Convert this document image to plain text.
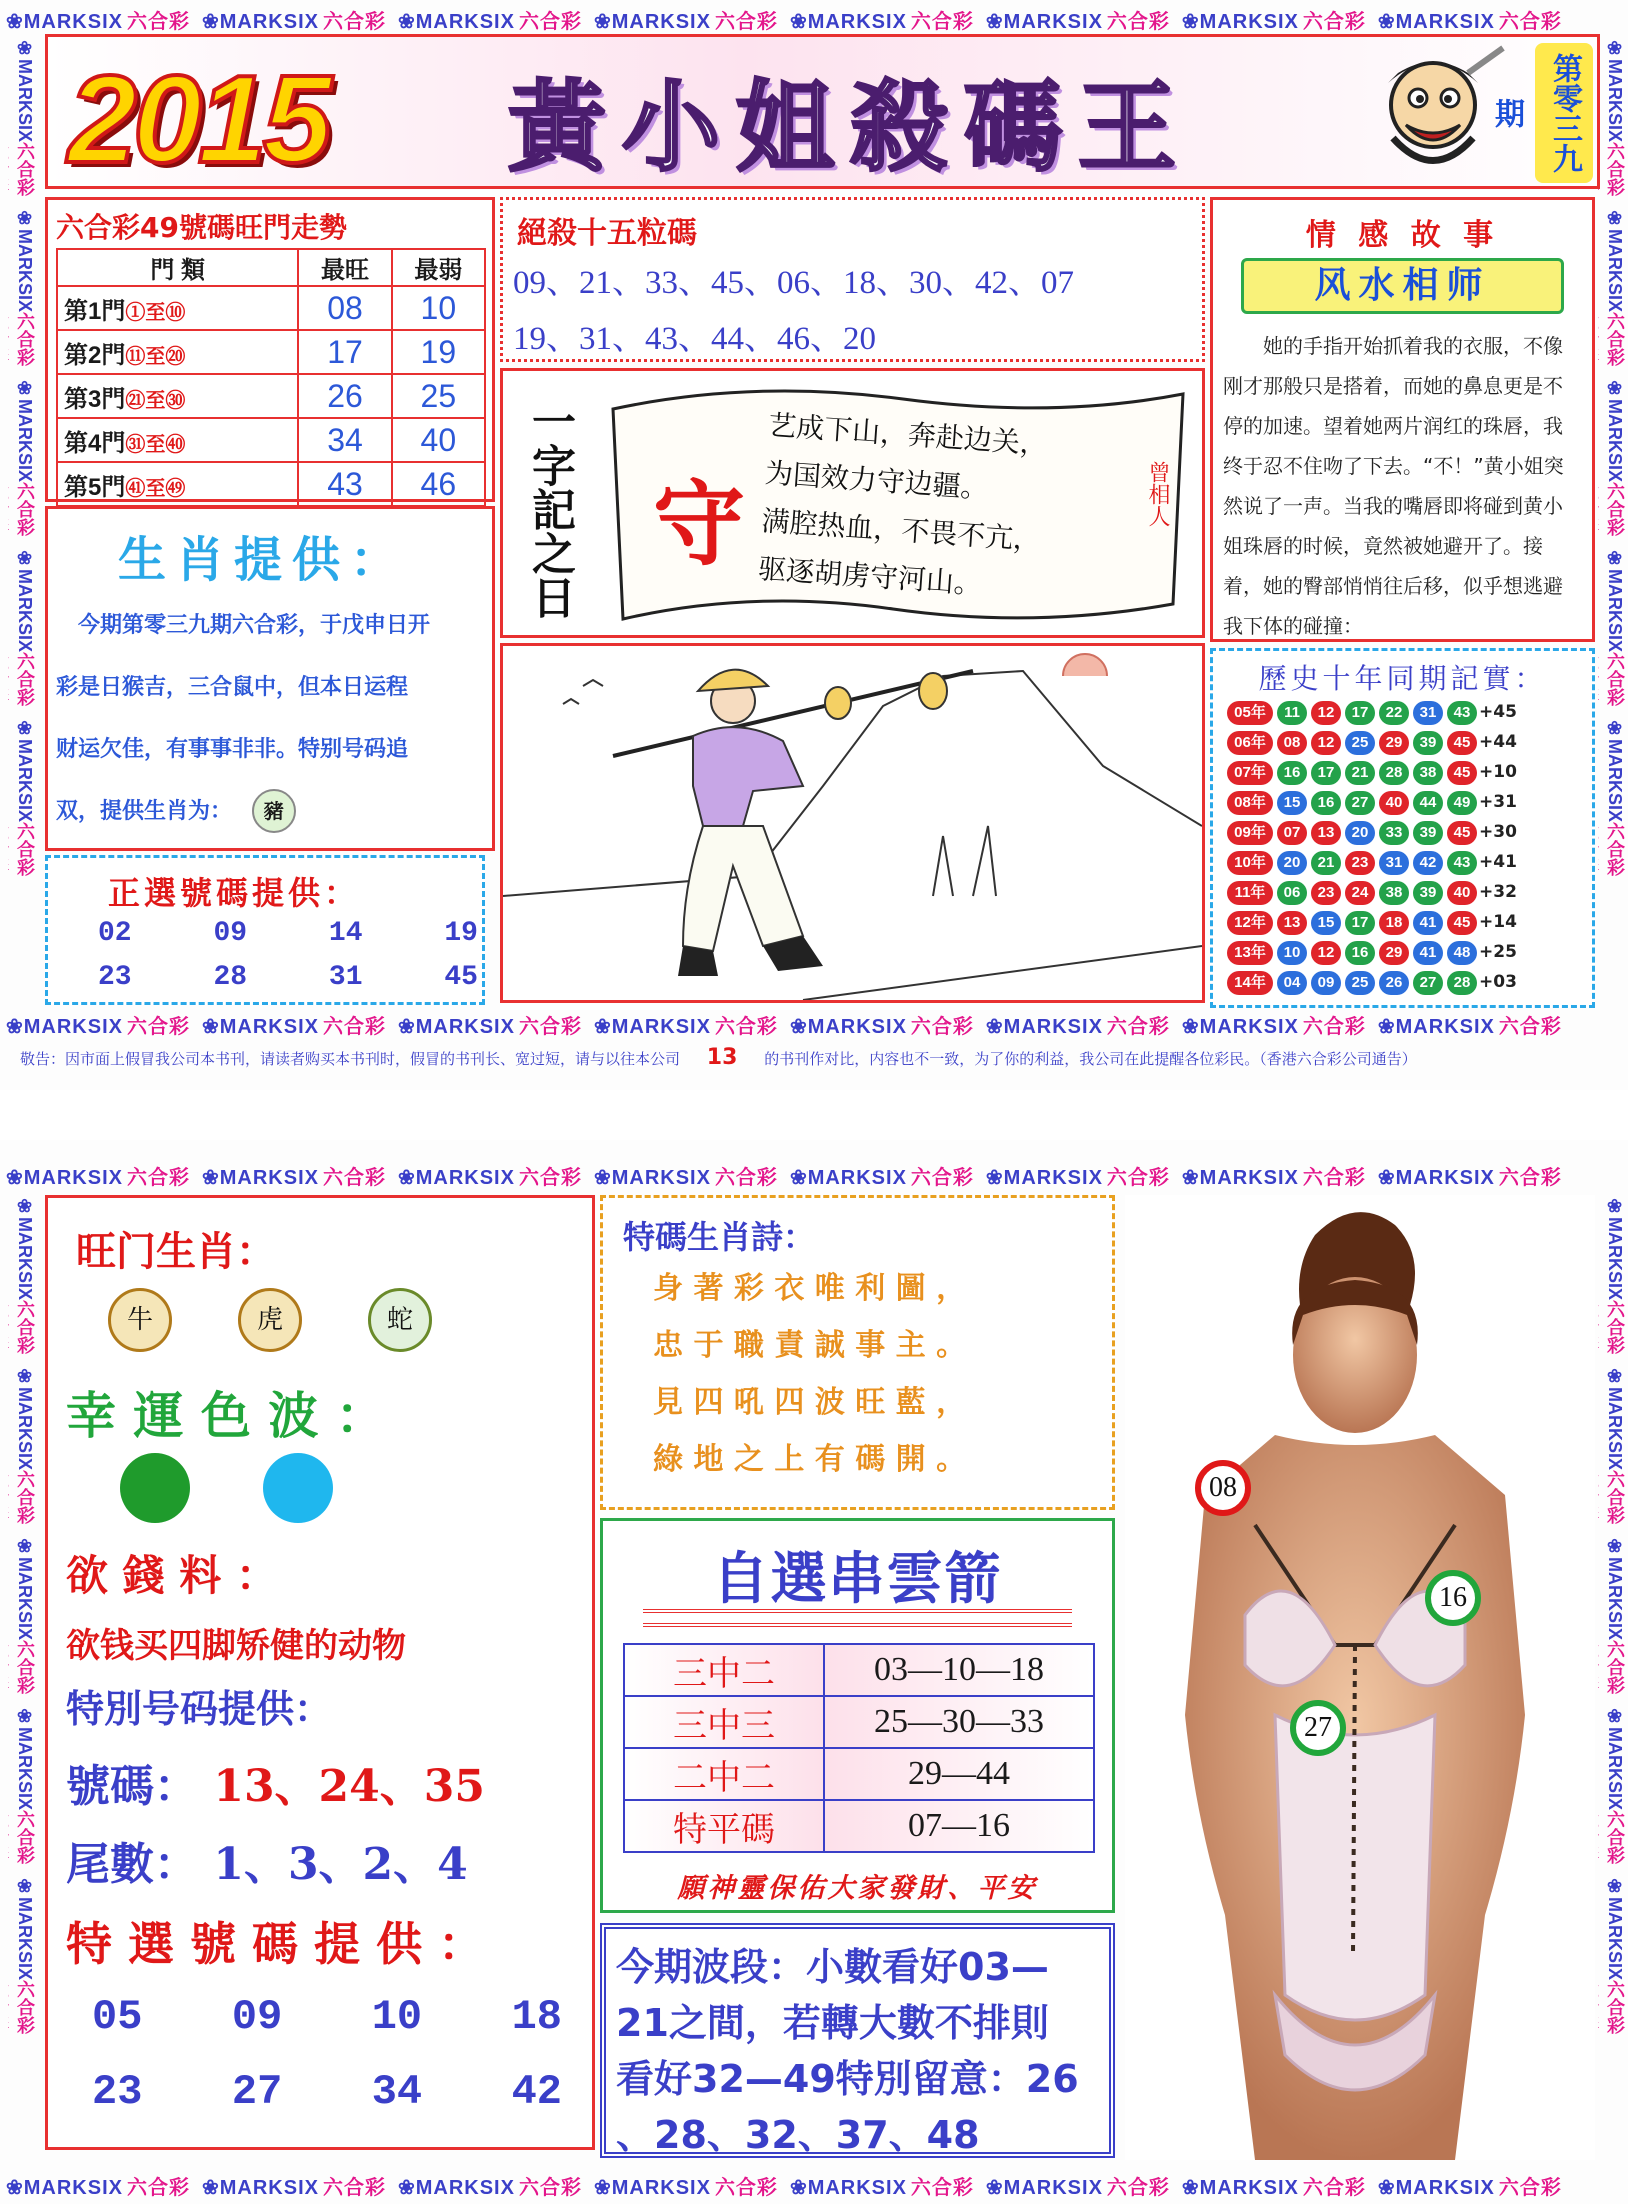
❀MARKSIX 六合彩 ❀MARKSIX 六合彩 ❀MARKSIX 六合彩 ❀MARKSIX 六合彩 ❀MARKSIX 六合彩 ❀MARKSIX 六合彩 ❀MARKSIX 六合彩 ❀MARKSIX 六合彩
❀MARKSIX六合彩❀MARKSIX六合彩❀MARKSIX六合彩❀MARKSIX六合彩❀MARKSIX六合彩
❀MARKSIX六合彩❀MARKSIX六合彩❀MARKSIX六合彩❀MARKSIX六合彩❀MARKSIX六合彩
2015 黃小姐殺碼王	第零三九期
六合彩49號碼旺門走勢
門 類	最旺	最弱
第1門①至⑩	08	10
第2門⑪至⑳	17	19
第3門㉑至㉚	26	25
第4門㉛至㊵	34	40
第5門㊶至㊾	43	46
生肖提供：
今期第零三九期六合彩，于戊申日开
彩是日猴吉，三合鼠中，但本日运程
财运欠佳，有事事非非。特别号码追
双，提供生肖为： 豬
正選號碼提供：
02	09	14	19
23	28	31	45
絕殺十五粒碼
09、21、33、45、06、18、30、42、07
19、31、43、44、46、20
一字記之日 守
艺成下山，奔赴边关，
为国效力守边疆。
满腔热血，不畏不亢，
驱逐胡虏守河山。
曾相人
情 感 故 事
风水相师
她的手指开始抓着我的衣服，不像刚才那般只是搭着，而她的鼻息更是不停的加速。望着她两片润红的珠唇，我终于忍不住吻了下去。“不！”黄小姐突然说了一声。当我的嘴唇即将碰到黄小姐珠唇的时候，竟然被她避开了。接着，她的臀部悄悄往后移，似乎想逃避我下体的碰撞：
歷史十年同期記實：
05年 11 12 17 22 31 43 +45
06年 08 12 25 29 39 45 +44
07年 16 17 21 28 38 45 +10
08年 15 16 27 40 44 49 +31
09年 07 13 20 33 39 45 +30
10年 20 21 23 31 42 43 +41
11年 06 23 24 38 39 40 +32
12年 13 15 17 18 41 45 +14
13年 10 12 16 29 41 48 +25
14年 04 09 25 26 27 28 +03
❀MARKSIX 六合彩 ❀MARKSIX 六合彩 ❀MARKSIX 六合彩 ❀MARKSIX 六合彩 ❀MARKSIX 六合彩 ❀MARKSIX 六合彩 ❀MARKSIX 六合彩 ❀MARKSIX 六合彩
敬告：因市面上假冒我公司本书刊，请读者购买本书刊时，假冒的书刊长、宽过短，请与以往本公司 13 的书刊作对比，内容也不一致，为了你的利益，我公司在此提醒各位彩民。（香港六合彩公司通告）
❀MARKSIX 六合彩 ❀MARKSIX 六合彩 ❀MARKSIX 六合彩 ❀MARKSIX 六合彩 ❀MARKSIX 六合彩 ❀MARKSIX 六合彩 ❀MARKSIX 六合彩 ❀MARKSIX 六合彩
❀MARKSIX六合彩❀MARKSIX六合彩❀MARKSIX六合彩❀MARKSIX六合彩❀MARKSIX六合彩
❀MARKSIX六合彩❀MARKSIX六合彩❀MARKSIX六合彩❀MARKSIX六合彩❀MARKSIX六合彩
旺门生肖：
牛	虎	蛇
幸 運 色 波 ：
欲 錢 料 ：
欲钱买四脚矫健的动物
特別号码提供：
號碼： 13、24、35
尾數： 1、3、2、4
特 選 號 碼 提 供 ：
05 09 10 18
23 27 34 42
特碼生肖詩：
身 著 彩 衣 唯 利 圖 ，
忠 于 職 責 誠 事 主 。
見 四 吼 四 波 旺 藍 ，
綠 地 之 上 有 碼 開 。
自選串雲箭
三中二	03—10—18
三中三	25—30—33
二中二	29—44
特平碼	07—16
願神靈保佑大家發財、平安
今期波段：小數看好03—
21之間，若轉大數不排則
看好32—49特別留意：26
、28、32、37、48
08
16
27
❀MARKSIX 六合彩 ❀MARKSIX 六合彩 ❀MARKSIX 六合彩 ❀MARKSIX 六合彩 ❀MARKSIX 六合彩 ❀MARKSIX 六合彩 ❀MARKSIX 六合彩 ❀MARKSIX 六合彩
